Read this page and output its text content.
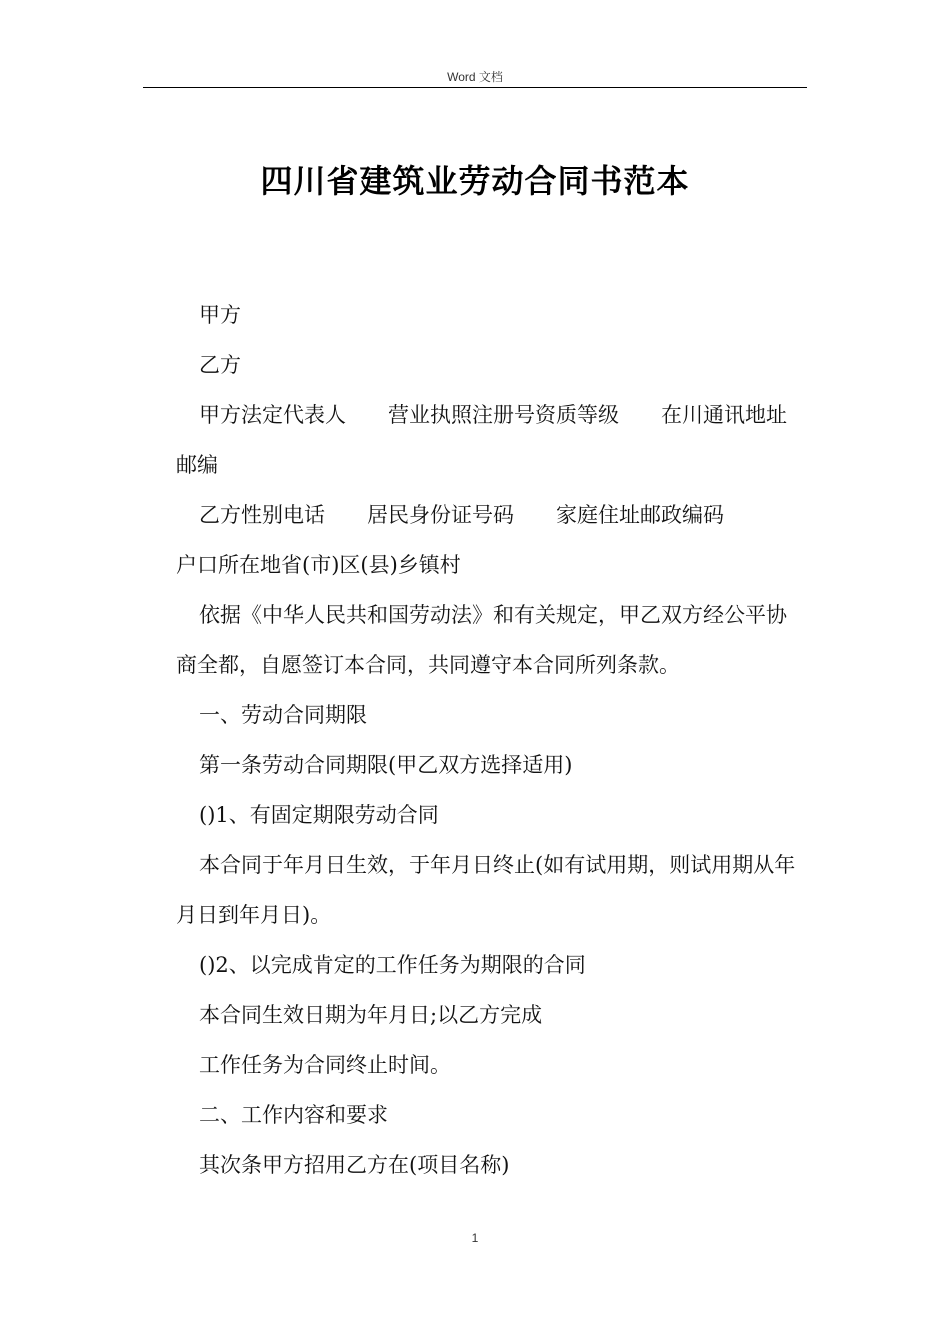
Word 文档
四川省建筑业劳动合同书范本

甲方

乙方

甲方法定代表人　　营业执照注册号资质等级　　在川通讯地址邮编

乙方性别电话　　居民身份证号码　　家庭住址邮政编码

户口所在地省(市)区(县)乡镇村

依据《中华人民共和国劳动法》和有关规定，甲乙双方经公平协商全都，自愿签订本合同，共同遵守本合同所列条款。

一、劳动合同期限

第一条劳动合同期限(甲乙双方选择适用)

()1、有固定期限劳动合同

本合同于年月日生效，于年月日终止(如有试用期，则试用期从年月日到年月日)。

()2、以完成肯定的工作任务为期限的合同

本合同生效日期为年月日;以乙方完成

工作任务为合同终止时间。

二、工作内容和要求

其次条甲方招用乙方在(项目名称)

1
